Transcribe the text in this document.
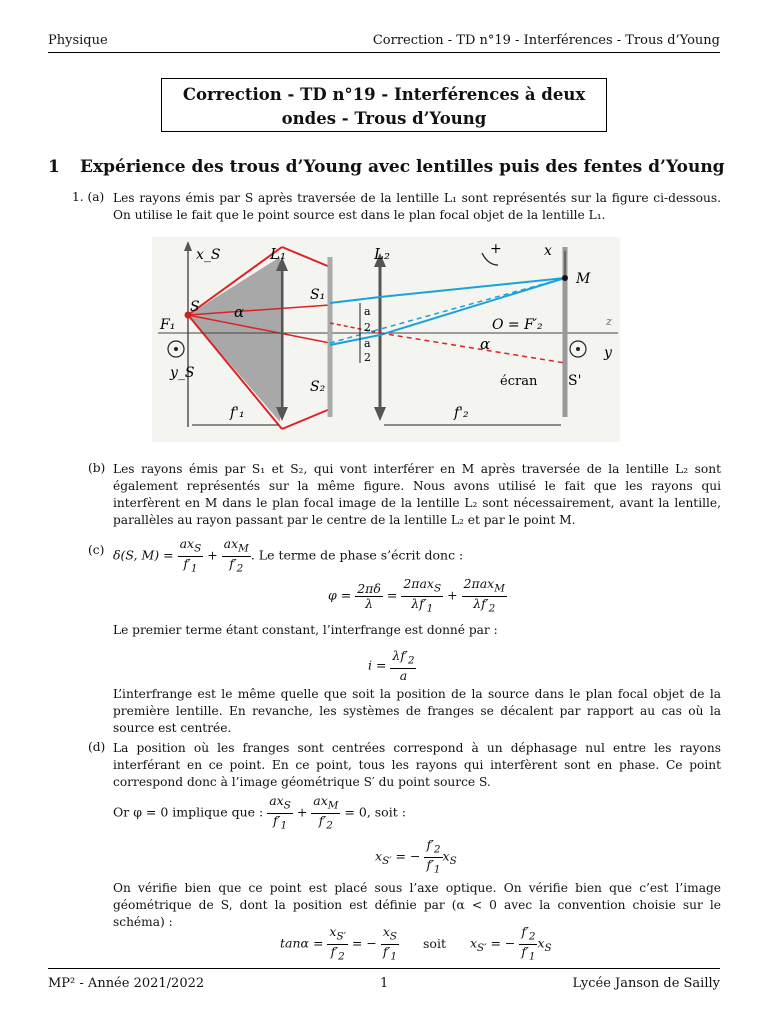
Physique	Correction - TD n°19 - Interférences - Trous d’Young
Correction - TD n°19 - Interférences à deux
ondes - Trous d’Young
1 Expérience des trous d’Young avec lentilles puis des fentes d’Young
1. (a) Les rayons émis par S après traversée de la lentille L₁ sont représentés sur la figure ci-dessous. On utilise le fait que le point source est dans le plan focal objet de la lentille L₁.
x_S	L₁	L₂	x
+
S
S₁
S₂
α
α
F₁
y_S
a
2
a
2
O = F′₂
M
z
y
écran S'
f'₁	f'₂
(b) Les rayons émis par S₁ et S₂, qui vont interférer en M après traversée de la lentille L₂ sont également représentés sur la même figure. Nous avons utilisé le fait que les rayons qui interfèrent en M dans le plan focal image de la lentille L₂ sont nécessairement, avant la lentille, parallèles au rayon passant par le centre de la lentille L₂ et par le point M.
(c) δ(S, $M) = \frac{ax_S}{f'_1} + \frac{ax_M}{f'_2}$ . Le terme de phase s’écrit donc :
$\varphi = \frac{2\pi\delta}{\lambda} = \frac{2\pi ax_S}{\lambda f'_1} + \frac{2\pi ax_M}{\lambda f'_2}$
Le premier terme étant constant, l’interfrange est donné par :
$i = \frac{\lambda f'_2}{a}$
L’interfrange est le même quelle que soit la position de la source dans le plan focal objet de la première lentille. En revanche, les systèmes de franges se décalent par rapport au cas où la source est centrée.
(d) La position où les franges sont centrées correspond à un déphasage nul entre les rayons interférant en ce point. En ce point, tous les rayons qui interfèrent sont en phase. Ce point correspond donc à l’image géométrique S′ du point source S.
Or φ = 0 implique que : $\frac{ax_S}{f'_1} + \frac{ax_M}{f'_2} = 0$, soit :
$x_{S'}$ = − $\frac{f'_2}{f'_1} x_S$
On vérifie bien que ce point est placé sous l’axe optique. On vérifie bien que c’est l’image géométrique de S, dont la position est définie par (α < 0 avec la convention choisie sur le schéma) :
$\tan\alpha = \frac{x_{S'}}{f'_2}$ = − $\frac{x_S}{f'_1}$ soit $x_{S'}$ = − $\frac{f'_2}{f'_1} x_S$
MP² - Année 2021/2022	1	Lycée Janson de Sailly
